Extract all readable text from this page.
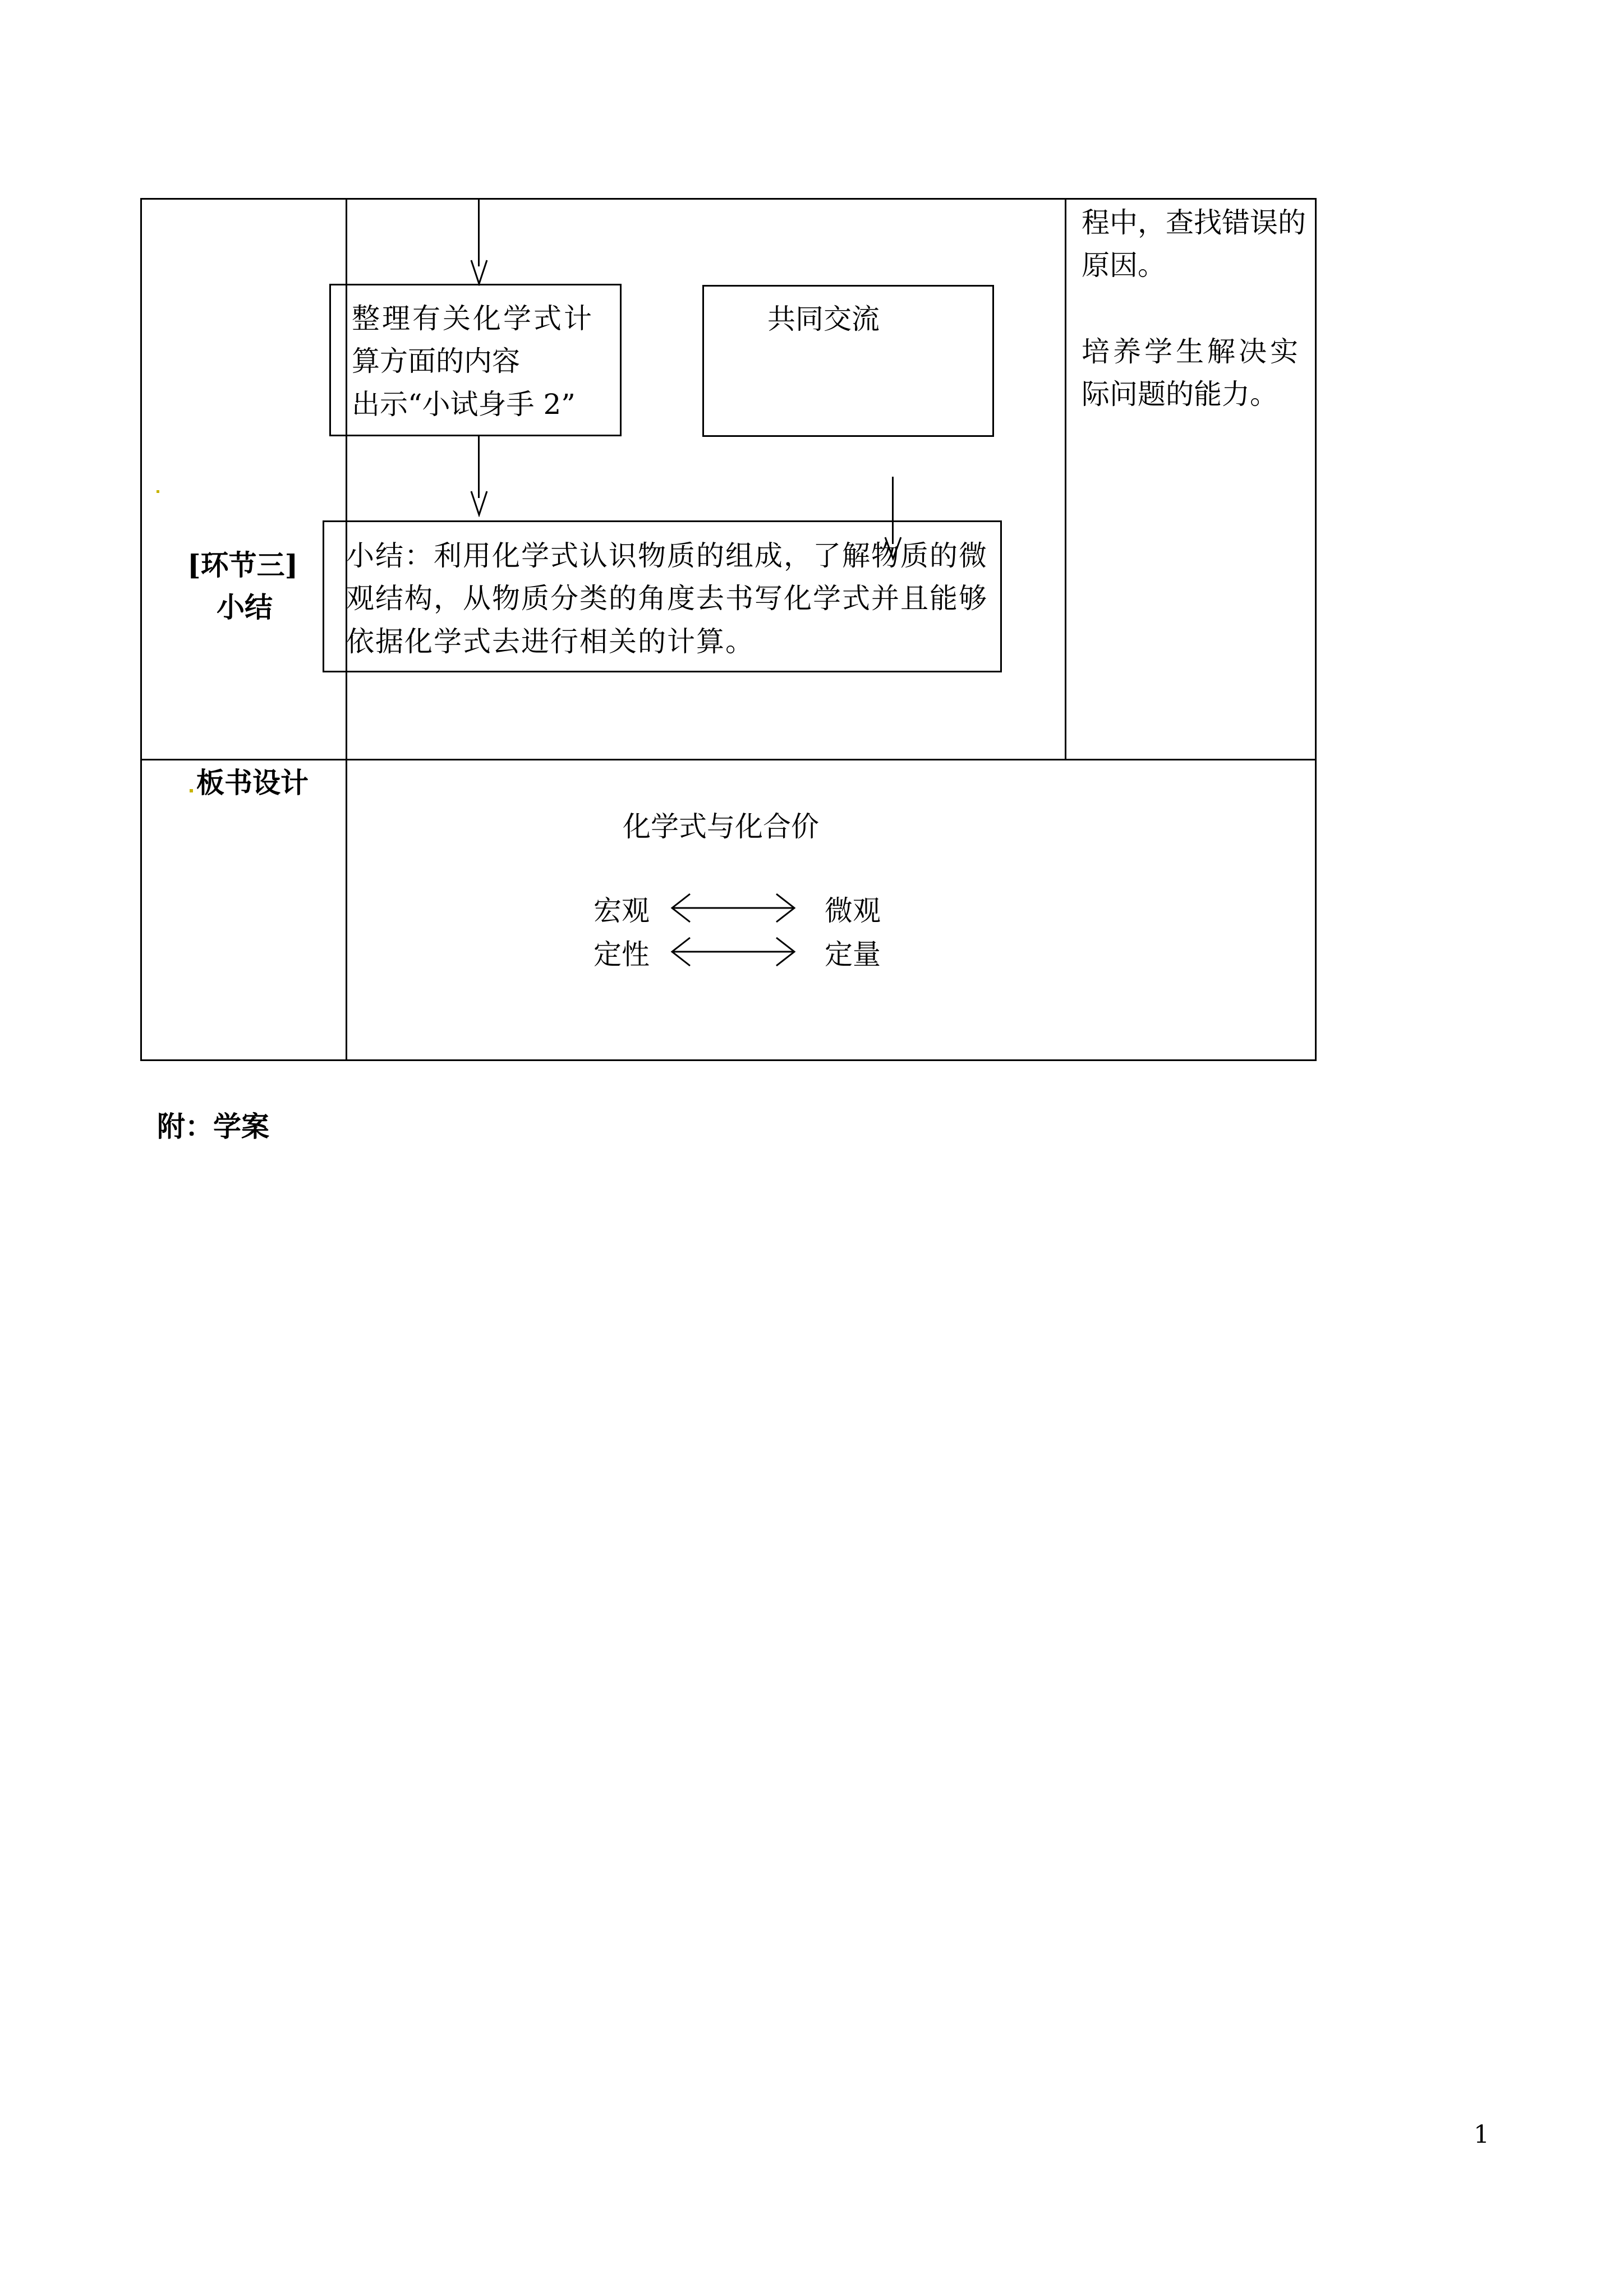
[环节三]
小结
整理有关化学式计
算方面的内容
出示“小试身手 2”
共同交流
小结：利用化学式认识物质的组成，了解物质的微
观结构，从物质分类的角度去书写化学式并且能够
依据化学式去进行相关的计算。
程中，查找错误的
原因。
培养学生解决实
际问题的能力。
板书设计
化学式与化合价
宏观	微观
定性	定量
附：学案
1
